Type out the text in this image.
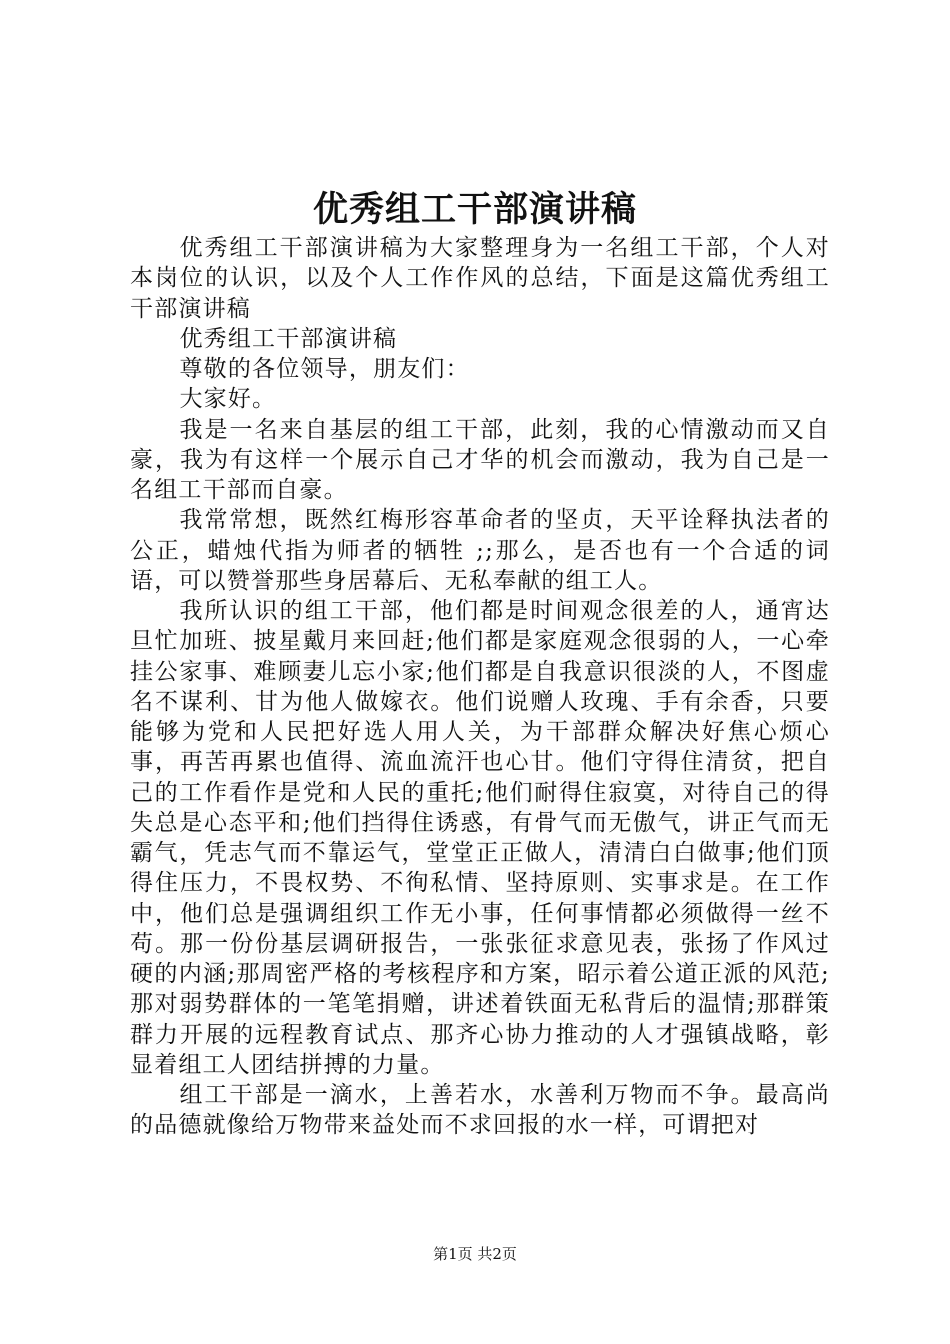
优秀组工干部演讲稿

优秀组工干部演讲稿为大家整理身为一名组工干部，个人对本岗位的认识，以及个人工作作风的总结，下面是这篇优秀组工干部演讲稿

优秀组工干部演讲稿

尊敬的各位领导，朋友们：

大家好。

我是一名来自基层的组工干部，此刻，我的心情激动而又自豪，我为有这样一个展示自己才华的机会而激动，我为自己是一名组工干部而自豪。

我常常想，既然红梅形容革命者的坚贞，天平诠释执法者的公正，蜡烛代指为师者的牺牲 ;;那么，是否也有一个合适的词语，可以赞誉那些身居幕后、无私奉献的组工人。

我所认识的组工干部，他们都是时间观念很差的人，通宵达旦忙加班、披星戴月来回赶;他们都是家庭观念很弱的人，一心牵挂公家事、难顾妻儿忘小家;他们都是自我意识很淡的人，不图虚名不谋利、甘为他人做嫁衣。他们说赠人玫瑰、手有余香，只要能够为党和人民把好选人用人关，为干部群众解决好焦心烦心事，再苦再累也值得、流血流汗也心甘。他们守得住清贫，把自己的工作看作是党和人民的重托;他们耐得住寂寞，对待自己的得失总是心态平和;他们挡得住诱惑，有骨气而无傲气，讲正气而无霸气，凭志气而不靠运气，堂堂正正做人，清清白白做事;他们顶得住压力，不畏权势、不徇私情、坚持原则、实事求是。在工作中，他们总是强调组织工作无小事，任何事情都必须做得一丝不苟。那一份份基层调研报告，一张张征求意见表，张扬了作风过硬的内涵;那周密严格的考核程序和方案，昭示着公道正派的风范;那对弱势群体的一笔笔捐赠，讲述着铁面无私背后的温情;那群策群力开展的远程教育试点、那齐心协力推动的人才强镇战略，彰显着组工人团结拼搏的力量。

组工干部是一滴水，上善若水，水善利万物而不争。最高尚的品德就像给万物带来益处而不求回报的水一样，可谓把对

第1页 共2页
